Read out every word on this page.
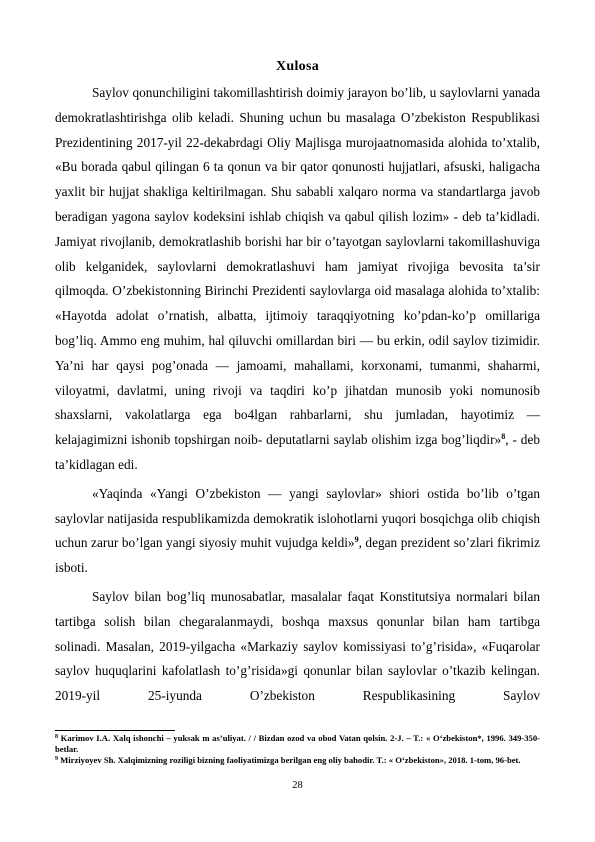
Xulosa

Saylov qonunchiligini takomillashtirish doimiy jarayon bo’lib, u saylovlarni yanada demokratlashtirishga olib keladi. Shuning uchun bu masalaga O’zbekiston Respublikasi Prezidentining 2017-yil 22-dekabrdagi Oliy Majlisga murojaatnomasida alohida to’xtalib, «Bu borada qabul qilingan 6 ta qonun va bir qator qonunosti hujjatlari, afsuski, haligacha yaxlit bir hujjat shakliga keltirilmagan. Shu sababli xalqaro norma va standartlarga javob beradigan yagona saylov kodeksini ishlab chiqish va qabul qilish lozim» - deb ta’kidladi. Jamiyat rivojlanib, demokratlashib borishi har bir o’tayotgan saylovlarni takomillashuviga olib kelganidek, saylovlarni demokratlashuvi ham jamiyat rivojiga bevosita ta’sir qilmoqda. O’zbekistonning Birinchi Prezidenti saylovlarga oid masalaga alohida to’xtalib: «Hayotda adolat o’rnatish, albatta, ijtimoiy taraqqiyotning ko’pdan-ko’p omillariga bog’liq. Ammo eng muhim, hal qiluvchi omillardan biri — bu erkin, odil saylov tizimidir. Ya’ni har qaysi pog’onada — jamoami, mahallami, korxonami, tumanmi, shaharmi, viloyatmi, davlatmi, uning rivoji va taqdiri ko’p jihatdan munosib yoki nomunosib shaxslarni, vakolatlarga ega bo4lgan rahbarlarni, shu jumladan, hayotimiz — kelajagimizni ishonib topshirgan noib- deputatlarni saylab olishim izga bog’liqdir»$^8$, - deb ta’kidlagan edi.

«Yaqinda «Yangi O’zbekiston — yangi saylovlar» shiori ostida bo’lib o’tgan saylovlar natijasida respublikamizda demokratik islohotlarni yuqori bosqichga olib chiqish uchun zarur bo’lgan yangi siyosiy muhit vujudga keldi»$^9$, degan prezident so’zlari fikrimiz isboti.

Saylov bilan bog’liq munosabatlar, masalalar faqat Konstitutsiya normalari bilan tartibga solish bilan chegaralanmaydi, boshqa maxsus qonunlar bilan ham tartibga solinadi. Masalan, 2019-yilgacha «Markaziy saylov komissiyasi to’g’risida», «Fuqarolar saylov huquqlarini kafolatlash to’g’risida»gi qonunlar bilan saylovlar o’tkazib kelingan. 2019-yil 25-iyunda O’zbekiston Respublikasining Saylov

$^8$ Karimov I.A. Xalq ishonchi – yuksak m as’uliyat. / / Bizdan ozod va obod Vatan qolsin. 2-J. – T.: « O‘zbekiston*, 1996. 349-350-betlar.
$^9$ Mirziyoyev Sh. Xalqimizning roziligi bizning faoliyatimizga berilgan eng oliy bahodir. T.: « O‘zbekiston», 2018. 1-tom, 96-bet.
28
